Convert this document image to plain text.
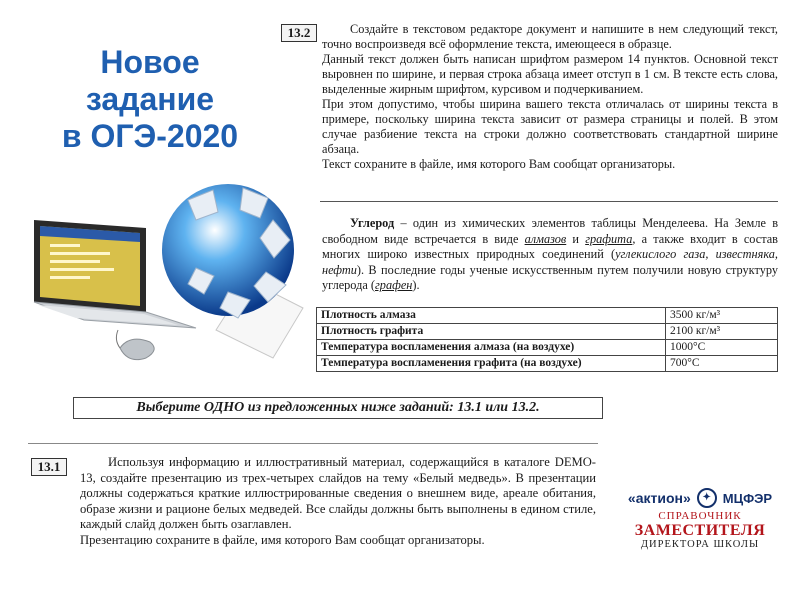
Новое
задание
в ОГЭ-2020
13.2	Создайте в текстовом редакторе документ и напишите в нем следующий текст, точно воспроизведя всё оформление текста, имеющееся в образце.

Данный текст должен быть написан шрифтом размером 14 пунктов. Основной текст выровнен по ширине, и первая строка абзаца имеет отступ в 1 см. В тексте есть слова, выделенные жирным шрифтом, курсивом и подчеркиванием.

При этом допустимо, чтобы ширина вашего текста отличалась от ширины текста в примере, поскольку ширина текста зависит от размера страницы и полей. В этом случае разбиение текста на строки должно соответствовать стандартной ширине абзаца.

Текст сохраните в файле, имя которого Вам сообщат организаторы.

Углерод – один из химических элементов таблицы Менделеева. На Земле в свободном виде встречается в виде алмазов и графита, а также входит в состав многих широко известных природных соединений (углекислого газа, известняка, нефти). В последние годы ученые искусственным путем получили новую структуру углерода (графен).
Плотность алмаза	3500 кг/м³
Плотность графита	2100 кг/м³
Температура воспламенения алмаза (на воздухе)	1000°C
Температура воспламенения графита (на воздухе)	700°C
Выберите ОДНО из предложенных ниже заданий: 13.1 или 13.2.
13.1	Используя информацию и иллюстративный материал, содержащийся в каталоге DEMO-13, создайте презентацию из трех-четырех слайдов на тему «Белый медведь». В презентации должны содержаться краткие иллюстрированные сведения о внешнем виде, ареале обитания, образе жизни и рационе белых медведей. Все слайды должны быть выполнены в едином стиле, каждый слайд должен быть озаглавлен.

Презентацию сохраните в файле, имя которого Вам сообщат организаторы.

«актион»	✦ МЦФЭР
СПРАВОЧНИК
ЗАМЕСТИТЕЛЯ
ДИРЕКТОРА ШКОЛЫ
